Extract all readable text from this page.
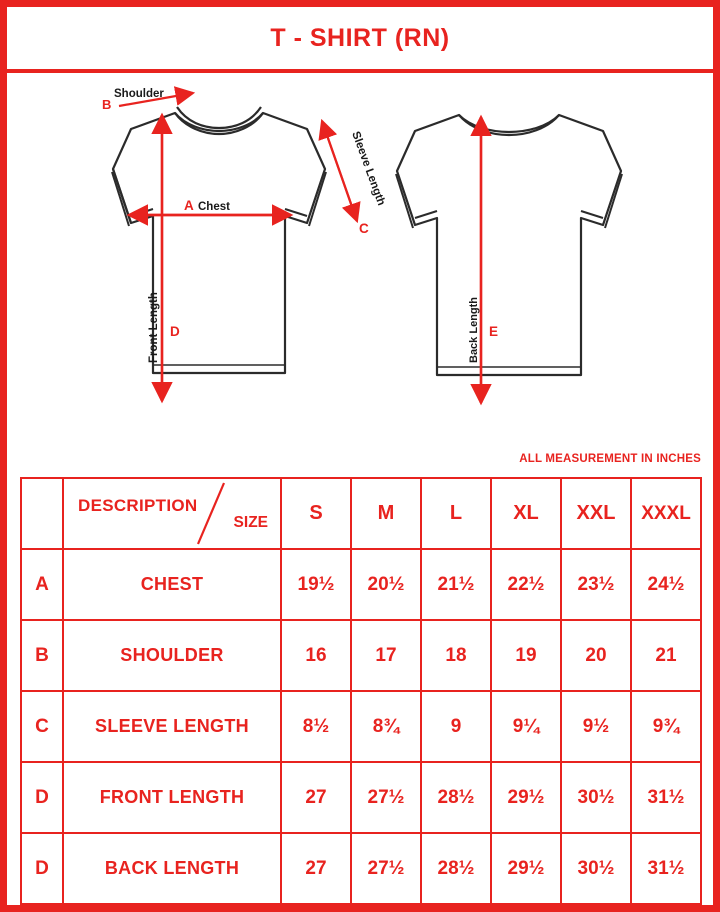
T - SHIRT (RN)
B
Shoulder
A Chest	Sleeve Length
C
Front Length D	Back Length E
ALL MEASUREMENT IN INCHES

	DESCRIPTION
SIZE	S	M	L	XL	XXL	XXXL
A	CHEST	19½	20½	21½	22½	23½	24½
B	SHOULDER	16	17	18	19	20	21
C	SLEEVE LENGTH	8½	8¾	9	9¼	9½	9¾
D	FRONT LENGTH	27	27½	28½	29½	30½	31½
D	BACK LENGTH	27	27½	28½	29½	30½	31½
